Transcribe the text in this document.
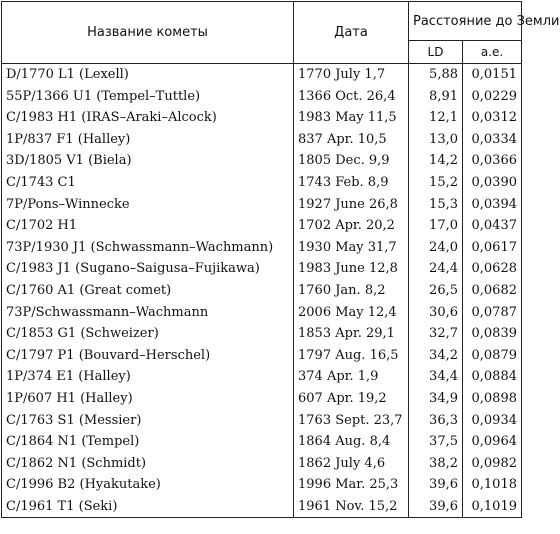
Название кометы	Дата	Расстояние до Земли	
		LD	а.е.
D/1770 L1 (Lexell)	1770 July 1,7	5,88	0,0151
55P/1366 U1 (Tempel–Tuttle)	1366 Oct. 26,4	8,91	0,0229
C/1983 H1 (IRAS–Araki–Alcock)	1983 May 11,5	12,1	0,0312
1P/837 F1 (Halley)	837 Apr. 10,5	13,0	0,0334
3D/1805 V1 (Biela)	1805 Dec. 9,9	14,2	0,0366
C/1743 C1	1743 Feb. 8,9	15,2	0,0390
7P/Pons–Winnecke	1927 June 26,8	15,3	0,0394
C/1702 H1	1702 Apr. 20,2	17,0	0,0437
73P/1930 J1 (Schwassmann–Wachmann)	1930 May 31,7	24,0	0,0617
C/1983 J1 (Sugano–Saigusa–Fujikawa)	1983 June 12,8	24,4	0,0628
C/1760 A1 (Great comet)	1760 Jan. 8,2	26,5	0,0682
73P/Schwassmann–Wachmann	2006 May 12,4	30,6	0,0787
C/1853 G1 (Schweizer)	1853 Apr. 29,1	32,7	0,0839
C/1797 P1 (Bouvard–Herschel)	1797 Aug. 16,5	34,2	0,0879
1P/374 E1 (Halley)	374 Apr. 1,9	34,4	0,0884
1P/607 H1 (Halley)	607 Apr. 19,2	34,9	0,0898
C/1763 S1 (Messier)	1763 Sept. 23,7	36,3	0,0934
C/1864 N1 (Tempel)	1864 Aug. 8,4	37,5	0,0964
C/1862 N1 (Schmidt)	1862 July 4,6	38,2	0,0982
C/1996 B2 (Hyakutake)	1996 Mar. 25,3	39,6	0,1018
C/1961 T1 (Seki)	1961 Nov. 15,2	39,6	0,1019
